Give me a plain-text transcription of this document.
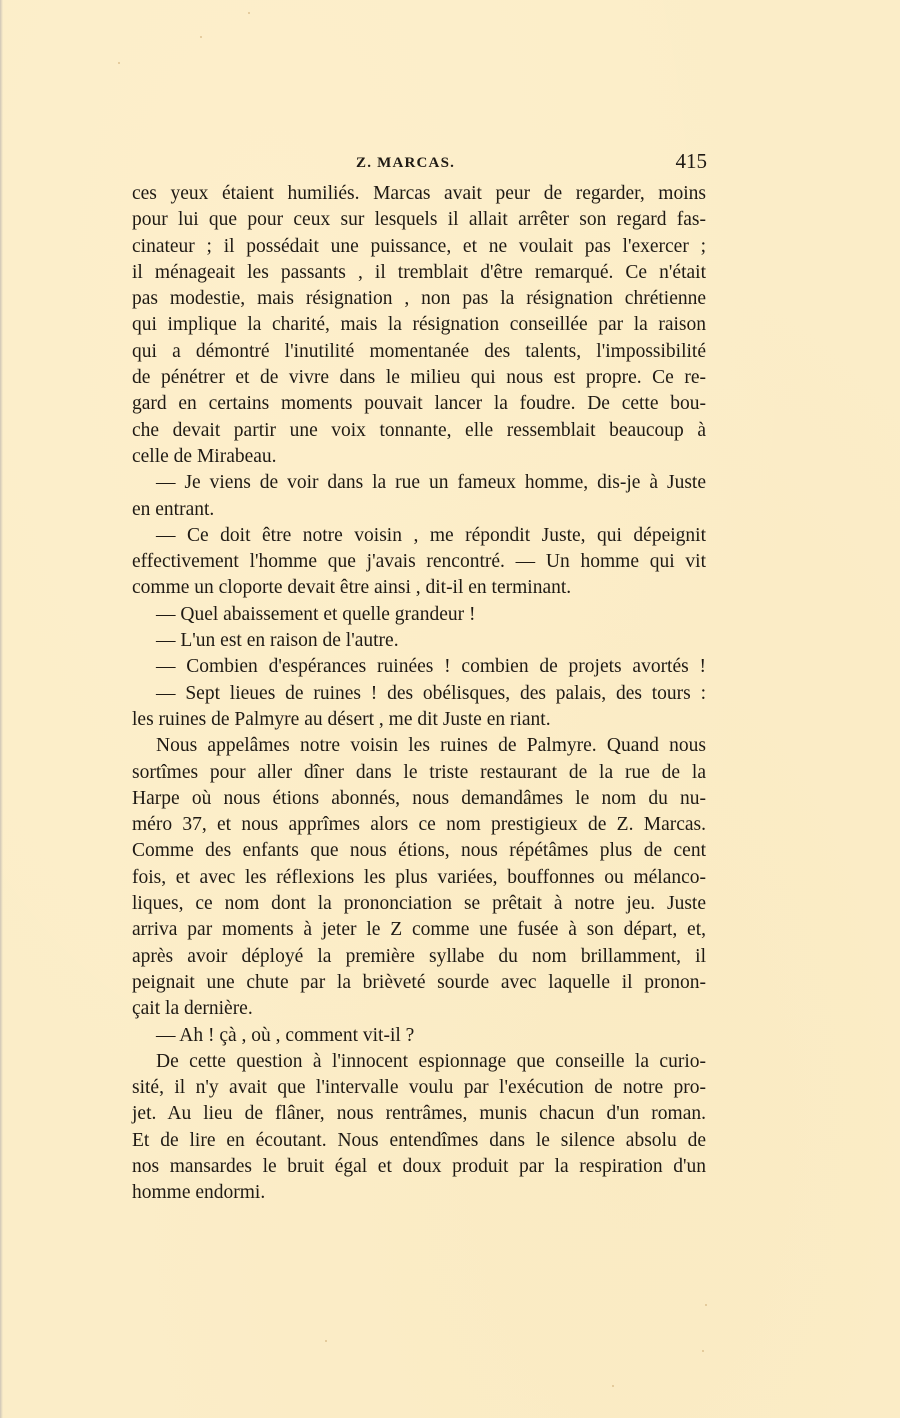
Z. MARCAS.	415
ces yeux étaient humiliés. Marcas avait peur de regarder, moins
pour lui que pour ceux sur lesquels il allait arrêter son regard fas-
cinateur ; il possédait une puissance, et ne voulait pas l'exercer ;
il ménageait les passants , il tremblait d'être remarqué. Ce n'était
pas modestie, mais résignation , non pas la résignation chrétienne
qui implique la charité, mais la résignation conseillée par la raison
qui a démontré l'inutilité momentanée des talents, l'impossibilité
de pénétrer et de vivre dans le milieu qui nous est propre. Ce re-
gard en certains moments pouvait lancer la foudre. De cette bou-
che devait partir une voix tonnante, elle ressemblait beaucoup à
celle de Mirabeau.
— Je viens de voir dans la rue un fameux homme, dis-je à Juste
en entrant.
— Ce doit être notre voisin , me répondit Juste, qui dépeignit
effectivement l'homme que j'avais rencontré. — Un homme qui vit
comme un cloporte devait être ainsi , dit-il en terminant.
— Quel abaissement et quelle grandeur !
— L'un est en raison de l'autre.
— Combien d'espérances ruinées ! combien de projets avortés !
— Sept lieues de ruines ! des obélisques, des palais, des tours :
les ruines de Palmyre au désert , me dit Juste en riant.
Nous appelâmes notre voisin les ruines de Palmyre. Quand nous
sortîmes pour aller dîner dans le triste restaurant de la rue de la
Harpe où nous étions abonnés, nous demandâmes le nom du nu-
méro 37, et nous apprîmes alors ce nom prestigieux de Z. Marcas.
Comme des enfants que nous étions, nous répétâmes plus de cent
fois, et avec les réflexions les plus variées, bouffonnes ou mélanco-
liques, ce nom dont la prononciation se prêtait à notre jeu. Juste
arriva par moments à jeter le Z comme une fusée à son départ, et,
après avoir déployé la première syllabe du nom brillamment, il
peignait une chute par la brièveté sourde avec laquelle il pronon-
çait la dernière.
— Ah ! çà , où , comment vit-il ?
De cette question à l'innocent espionnage que conseille la curio-
sité, il n'y avait que l'intervalle voulu par l'exécution de notre pro-
jet. Au lieu de flâner, nous rentrâmes, munis chacun d'un roman.
Et de lire en écoutant. Nous entendîmes dans le silence absolu de
nos mansardes le bruit égal et doux produit par la respiration d'un
homme endormi.
